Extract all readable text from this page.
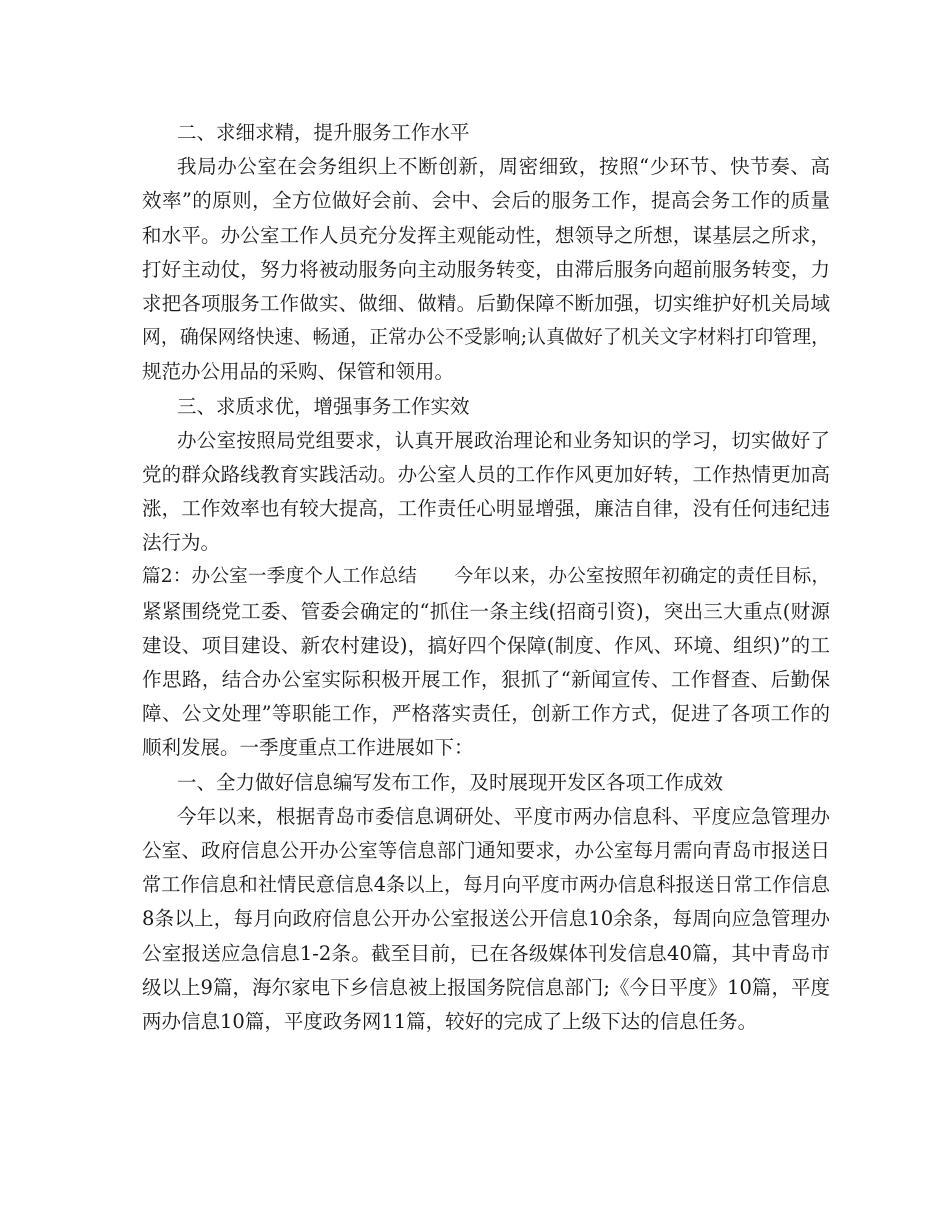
二、求细求精，提升服务工作水平
我局办公室在会务组织上不断创新，周密细致，按照“少环节、快节奏、高
效率”的原则，全方位做好会前、会中、会后的服务工作，提高会务工作的质量
和水平。办公室工作人员充分发挥主观能动性，想领导之所想，谋基层之所求，
打好主动仗，努力将被动服务向主动服务转变，由滞后服务向超前服务转变，力
求把各项服务工作做实、做细、做精。后勤保障不断加强，切实维护好机关局域
网，确保网络快速、畅通，正常办公不受影响;认真做好了机关文字材料打印管理，
规范办公用品的采购、保管和领用。
三、求质求优，增强事务工作实效
办公室按照局党组要求，认真开展政治理论和业务知识的学习，切实做好了
党的群众路线教育实践活动。办公室人员的工作作风更加好转，工作热情更加高
涨，工作效率也有较大提高，工作责任心明显增强，廉洁自律，没有任何违纪违
法行为。
篇2：办公室一季度个人工作总结　　今年以来，办公室按照年初确定的责任目标，
紧紧围绕党工委、管委会确定的“抓住一条主线(招商引资)，突出三大重点(财源
建设、项目建设、新农村建设)，搞好四个保障(制度、作风、环境、组织)”的工
作思路，结合办公室实际积极开展工作，狠抓了“新闻宣传、工作督查、后勤保
障、公文处理”等职能工作，严格落实责任，创新工作方式，促进了各项工作的
顺利发展。一季度重点工作进展如下：
一、全力做好信息编写发布工作，及时展现开发区各项工作成效
今年以来，根据青岛市委信息调研处、平度市两办信息科、平度应急管理办
公室、政府信息公开办公室等信息部门通知要求，办公室每月需向青岛市报送日
常工作信息和社情民意信息4条以上，每月向平度市两办信息科报送日常工作信息
8条以上，每月向政府信息公开办公室报送公开信息10余条，每周向应急管理办
公室报送应急信息1-2条。截至目前，已在各级媒体刊发信息40篇，其中青岛市
级以上9篇，海尔家电下乡信息被上报国务院信息部门;《今日平度》10篇，平度
两办信息10篇，平度政务网11篇，较好的完成了上级下达的信息任务。
